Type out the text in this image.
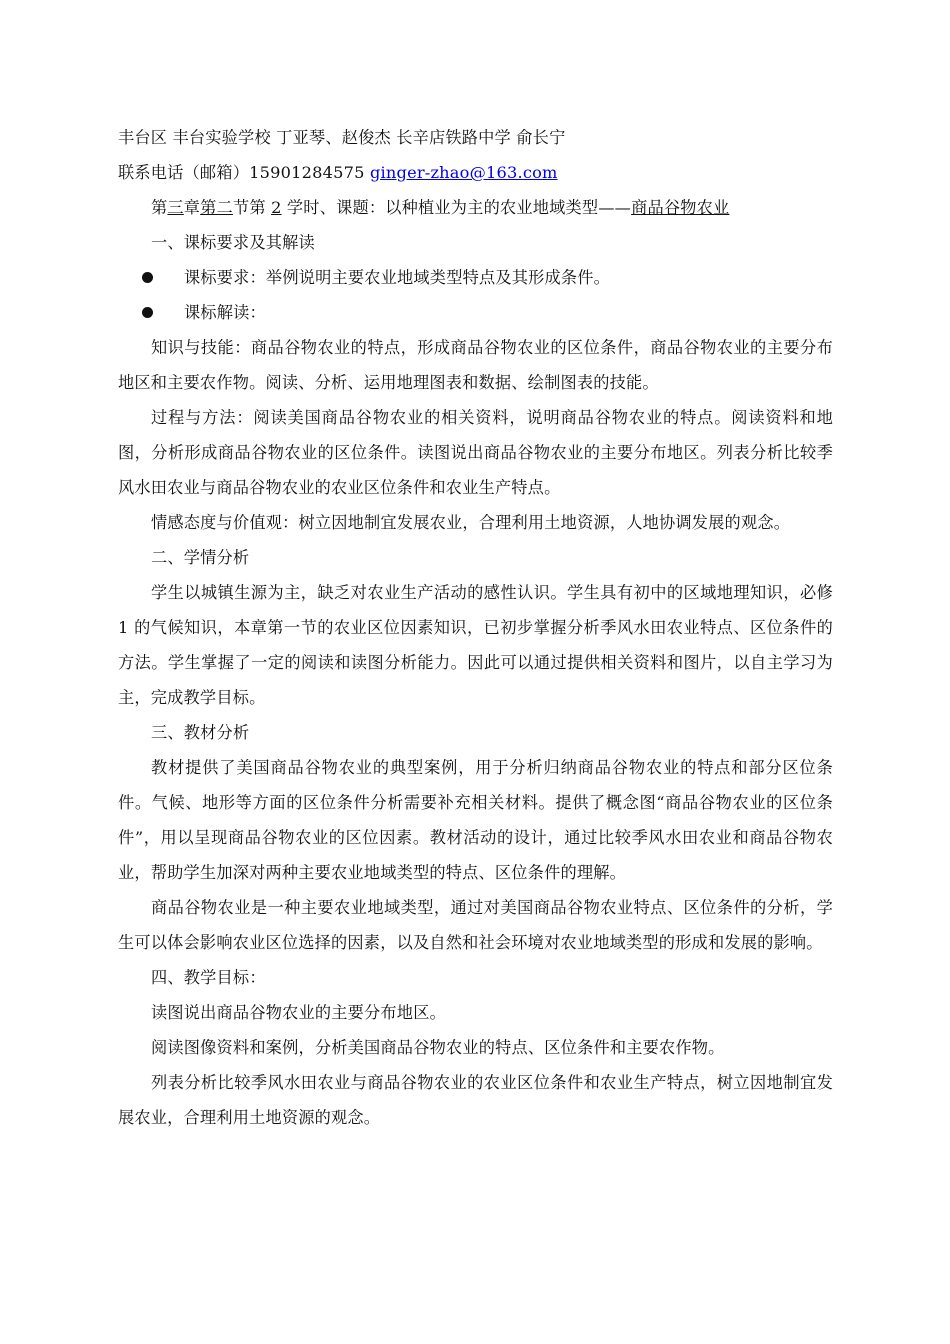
丰台区 丰台实验学校 丁亚琴、赵俊杰 长辛店铁路中学 俞长宁

联系电话（邮箱）15901284575 ginger-zhao@163.com

第三章第二节第 2 学时、课题：以种植业为主的农业地域类型——商品谷物农业

一、课标要求及其解读

课标要求：举例说明主要农业地域类型特点及其形成条件。

课标解读：

知识与技能：商品谷物农业的特点，形成商品谷物农业的区位条件，商品谷物农业的主要分布地区和主要农作物。阅读、分析、运用地理图表和数据、绘制图表的技能。

过程与方法：阅读美国商品谷物农业的相关资料，说明商品谷物农业的特点。阅读资料和地图，分析形成商品谷物农业的区位条件。读图说出商品谷物农业的主要分布地区。列表分析比较季风水田农业与商品谷物农业的农业区位条件和农业生产特点。

情感态度与价值观：树立因地制宜发展农业，合理利用土地资源，人地协调发展的观念。

二、学情分析

学生以城镇生源为主，缺乏对农业生产活动的感性认识。学生具有初中的区域地理知识，必修 1 的气候知识，本章第一节的农业区位因素知识，已初步掌握分析季风水田农业特点、区位条件的方法。学生掌握了一定的阅读和读图分析能力。因此可以通过提供相关资料和图片，以自主学习为主，完成教学目标。

三、教材分析

教材提供了美国商品谷物农业的典型案例，用于分析归纳商品谷物农业的特点和部分区位条件。气候、地形等方面的区位条件分析需要补充相关材料。提供了概念图“商品谷物农业的区位条件”，用以呈现商品谷物农业的区位因素。教材活动的设计，通过比较季风水田农业和商品谷物农业，帮助学生加深对两种主要农业地域类型的特点、区位条件的理解。

商品谷物农业是一种主要农业地域类型，通过对美国商品谷物农业特点、区位条件的分析，学生可以体会影响农业区位选择的因素，以及自然和社会环境对农业地域类型的形成和发展的影响。

四、教学目标：

读图说出商品谷物农业的主要分布地区。

阅读图像资料和案例，分析美国商品谷物农业的特点、区位条件和主要农作物。

列表分析比较季风水田农业与商品谷物农业的农业区位条件和农业生产特点，树立因地制宜发展农业，合理利用土地资源的观念。
